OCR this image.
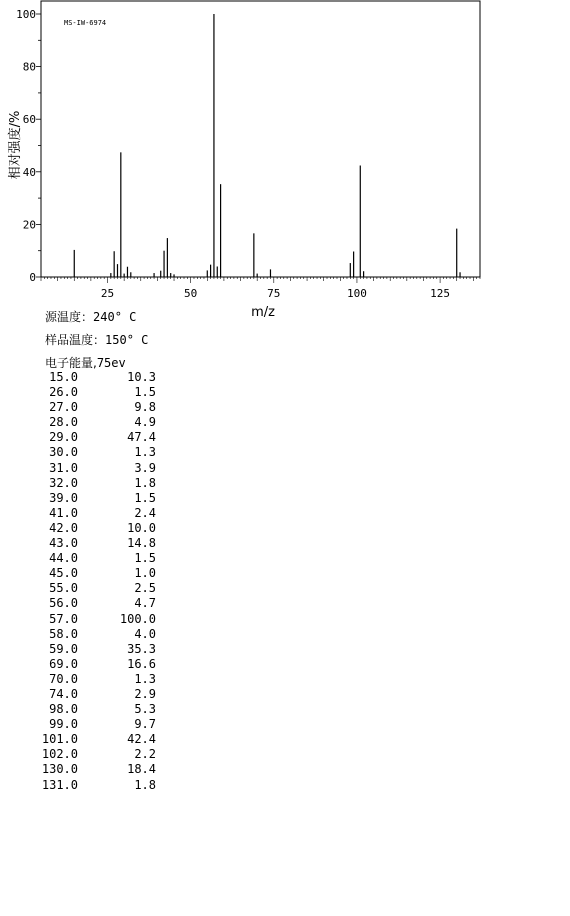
25	50	75	100	125
0
20
40
60
80
100
MS-IW-6974
m/z
相对强度/%
源温度：240° C
样品温度：150° C
电子能量,75ev
15.0	10.3
26.0	1.5
27.0	9.8
28.0	4.9
29.0	47.4
30.0	1.3
31.0	3.9
32.0	1.8
39.0	1.5
41.0	2.4
42.0	10.0
43.0	14.8
44.0	1.5
45.0	1.0
55.0	2.5
56.0	4.7
57.0	100.0
58.0	4.0
59.0	35.3
69.0	16.6
70.0	1.3
74.0	2.9
98.0	5.3
99.0	9.7
101.0	42.4
102.0	2.2
130.0	18.4
131.0	1.8
